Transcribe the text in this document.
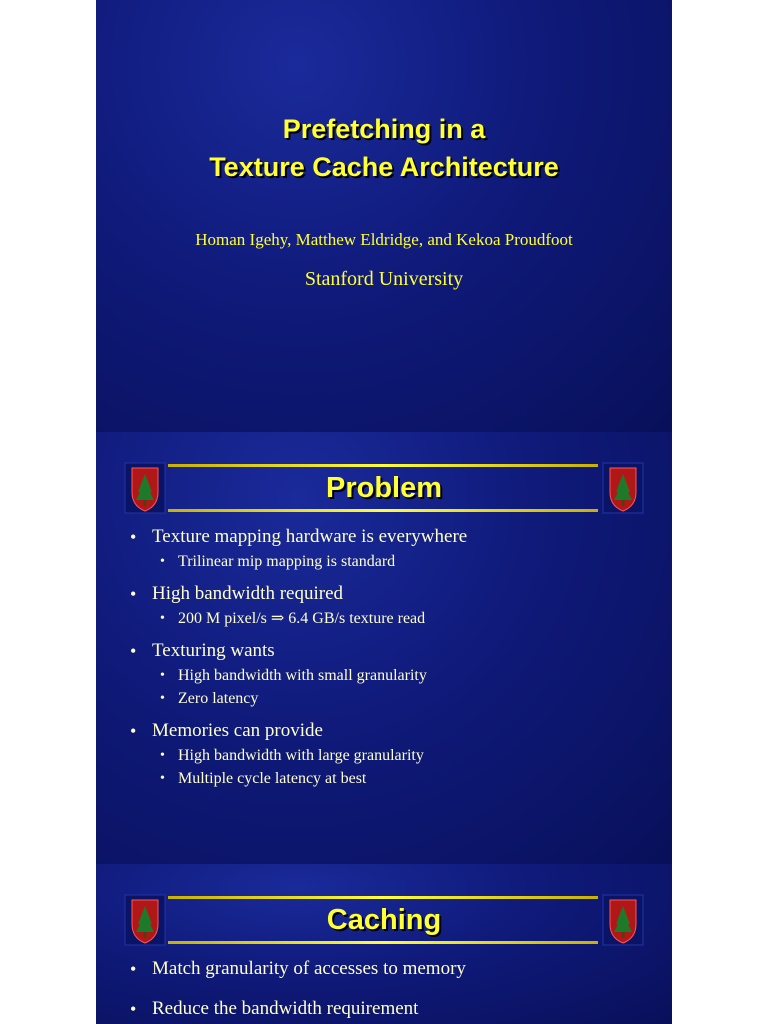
Prefetching in a
Texture Cache Architecture
Homan Igehy, Matthew Eldridge, and Kekoa Proudfoot
Stanford University
Problem
• Texture mapping hardware is everywhere
• Trilinear mip mapping is standard
• High bandwidth required
• 200 M pixel/s ⇒ 6.4 GB/s texture read
• Texturing wants
• High bandwidth with small granularity
• Zero latency
• Memories can provide
• High bandwidth with large granularity
• Multiple cycle latency at best
Caching
• Match granularity of accesses to memory
• Reduce the bandwidth requirement
